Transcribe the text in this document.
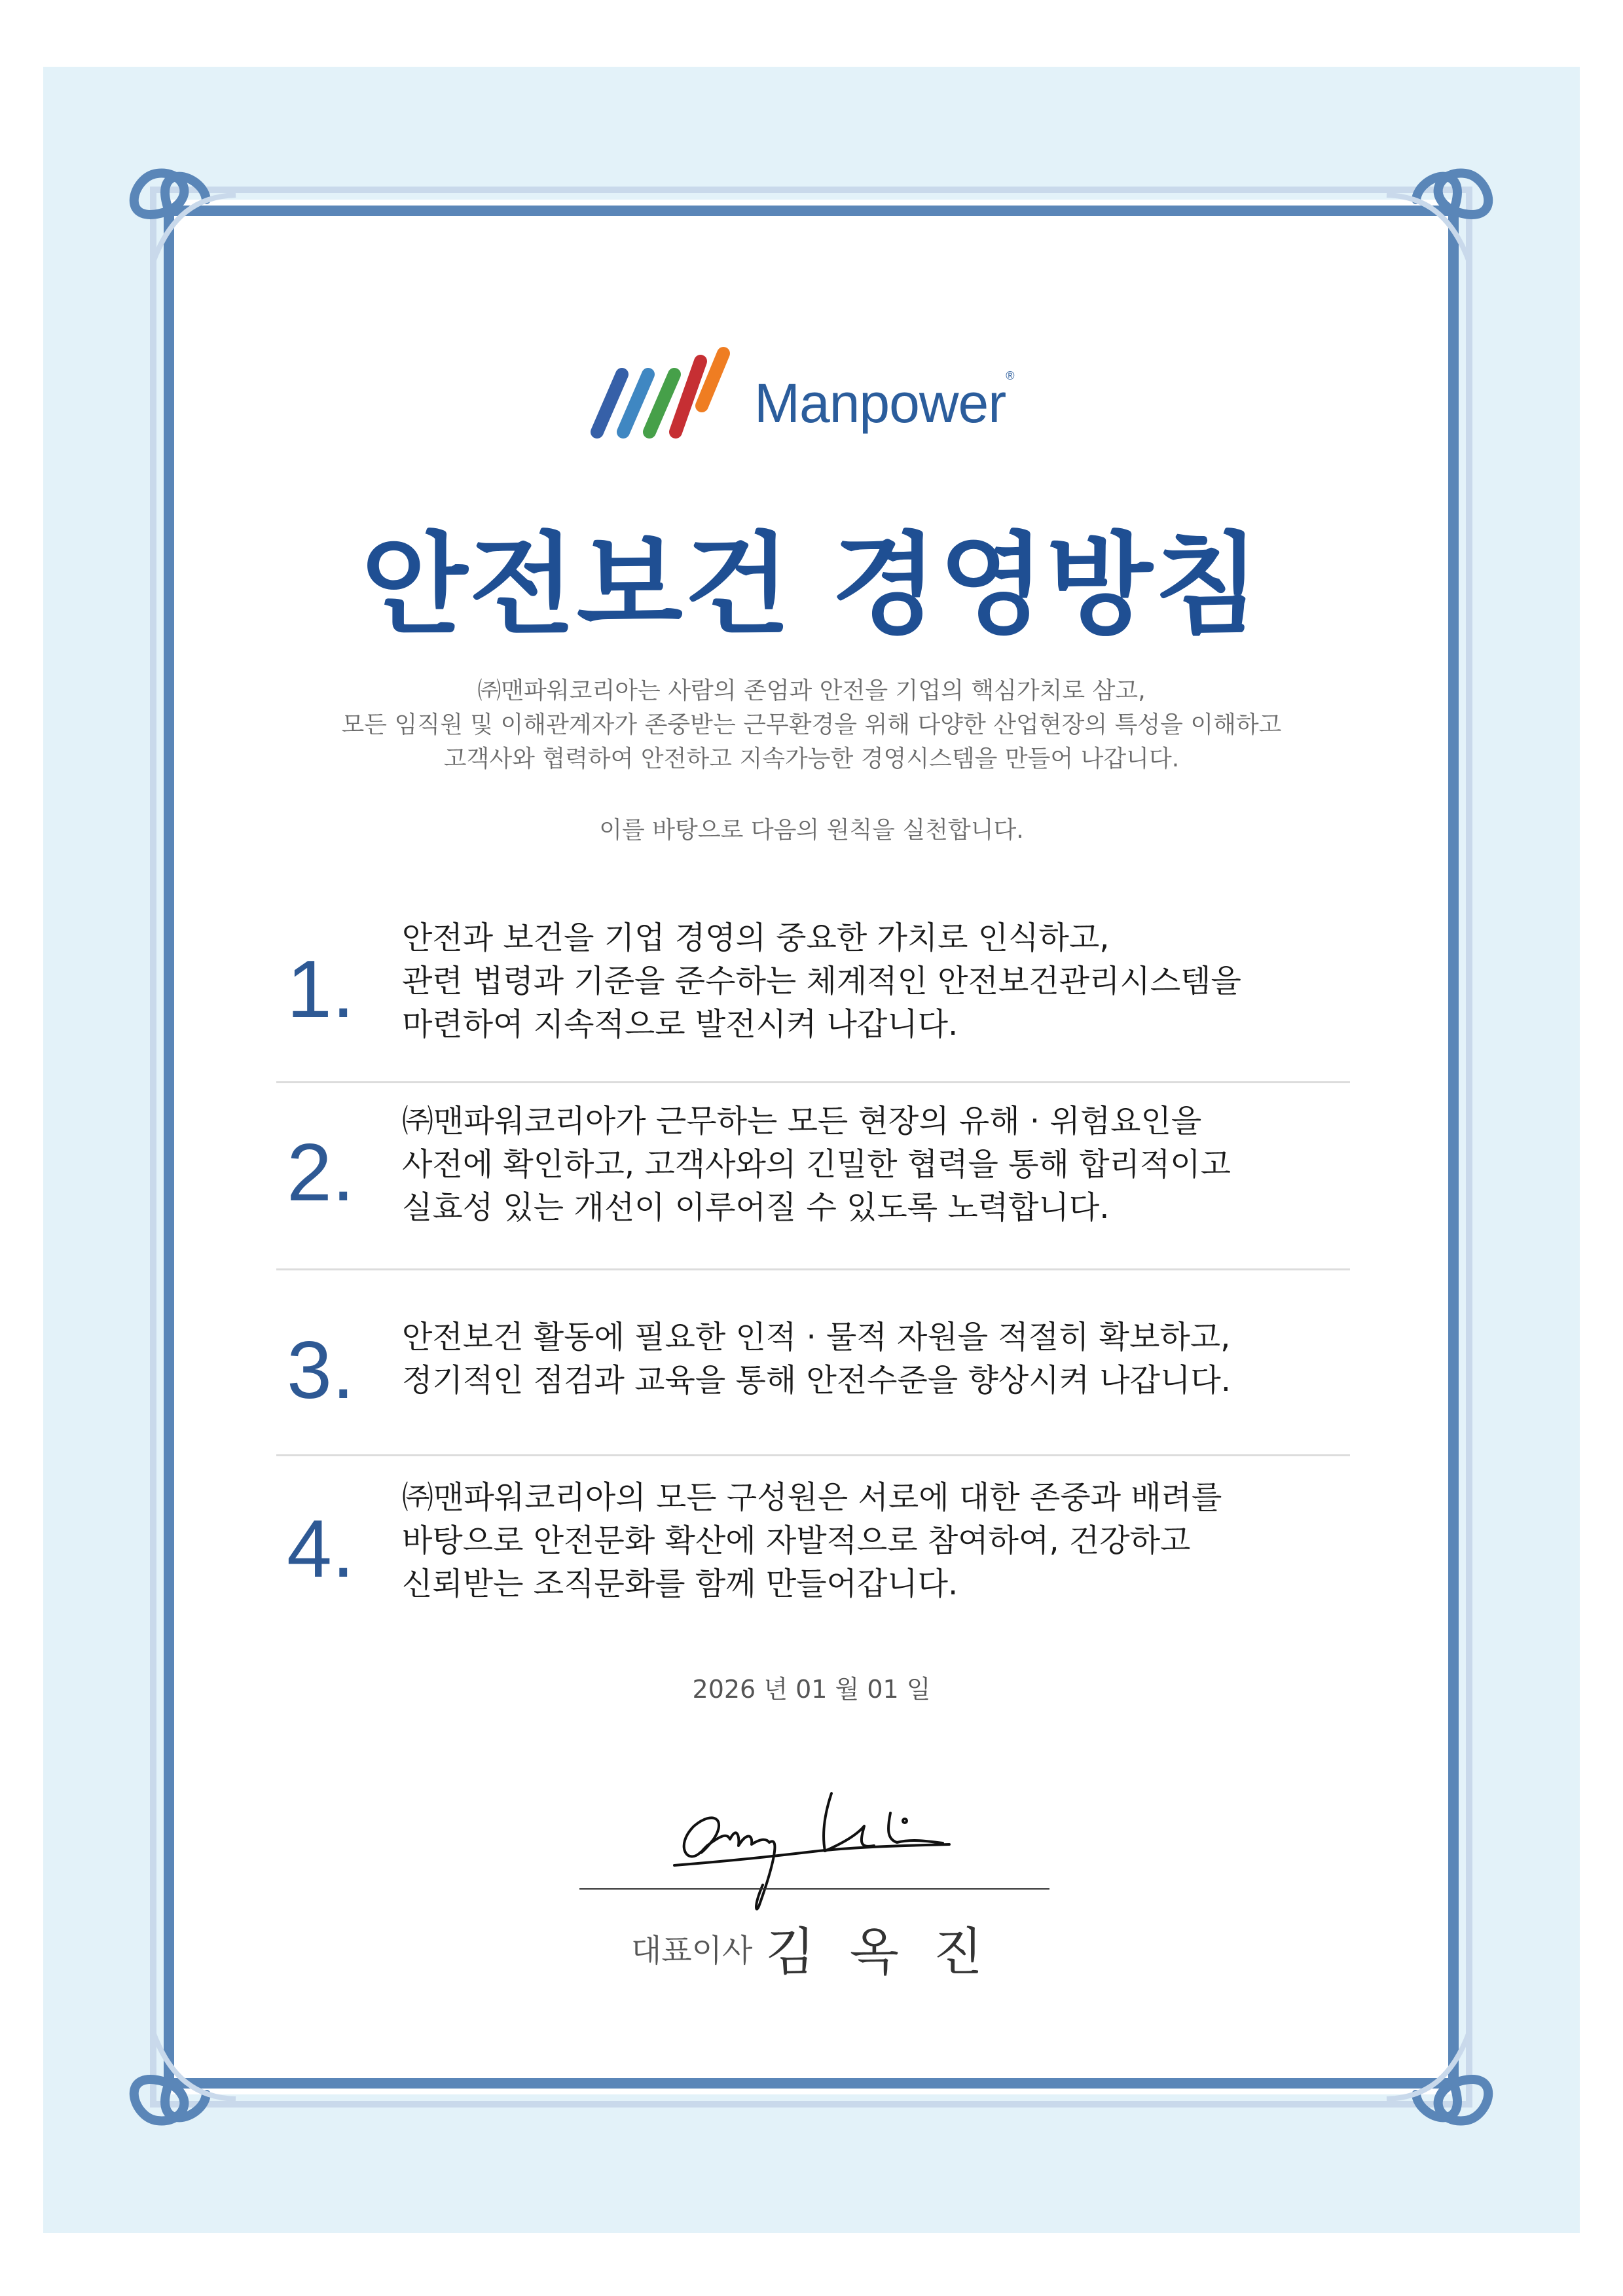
Manpower®
안전보건 경영방침
㈜맨파워코리아는 사람의 존엄과 안전을 기업의 핵심가치로 삼고,
모든 임직원 및 이해관계자가 존중받는 근무환경을 위해 다양한 산업현장의 특성을 이해하고
고객사와 협력하여 안전하고 지속가능한 경영시스템을 만들어 나갑니다.
이를 바탕으로 다음의 원칙을 실천합니다.
1.
안전과 보건을 기업 경영의 중요한 가치로 인식하고,
관련 법령과 기준을 준수하는 체계적인 안전보건관리시스템을
마련하여 지속적으로 발전시켜 나갑니다.
2.
㈜맨파워코리아가 근무하는 모든 현장의 유해 · 위험요인을
사전에 확인하고, 고객사와의 긴밀한 협력을 통해 합리적이고
실효성 있는 개선이 이루어질 수 있도록 노력합니다.
3. 안전보건 활동에 필요한 인적 · 물적 자원을 적절히 확보하고,
정기적인 점검과 교육을 통해 안전수준을 향상시켜 나갑니다.
4.
㈜맨파워코리아의 모든 구성원은 서로에 대한 존중과 배려를
바탕으로 안전문화 확산에 자발적으로 참여하여, 건강하고
신뢰받는 조직문화를 함께 만들어갑니다.
2026 년 01 월 01 일
대표이사 김 옥 진
